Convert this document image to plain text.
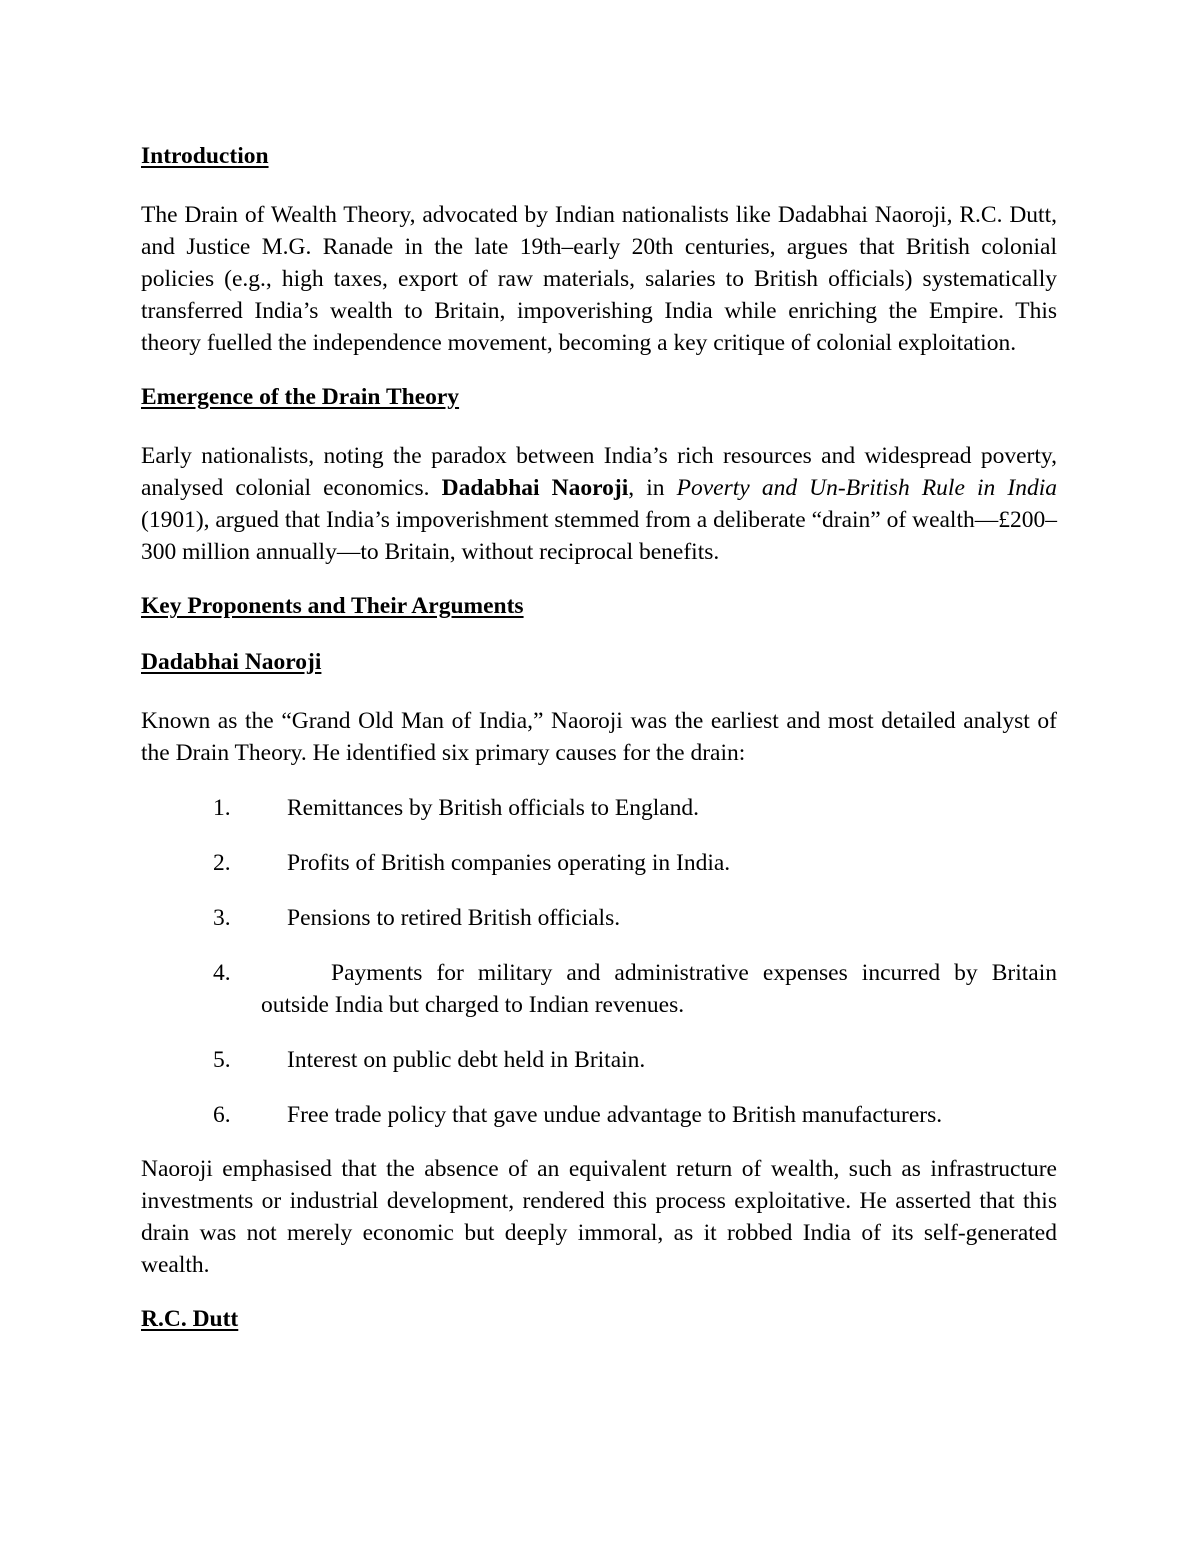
Introduction

The Drain of Wealth Theory, advocated by Indian nationalists like Dadabhai Naoroji, R.C. Dutt, and Justice M.G. Ranade in the late 19th–early 20th centuries, argues that British colonial policies (e.g., high taxes, export of raw materials, salaries to British officials) systematically transferred India’s wealth to Britain, impoverishing India while enriching the Empire. This theory fuelled the independence movement, becoming a key critique of colonial exploitation.

Emergence of the Drain Theory

Early nationalists, noting the paradox between India’s rich resources and widespread poverty, analysed colonial economics. Dadabhai Naoroji, in Poverty and Un-British Rule in India (1901), argued that India’s impoverishment stemmed from a deliberate “drain” of wealth—£200–300 million annually—to Britain, without reciprocal benefits.

Key Proponents and Their Arguments
Dadabhai Naoroji

Known as the “Grand Old Man of India,” Naoroji was the earliest and most detailed analyst of the Drain Theory. He identified six primary causes for the drain:

1.	Remittances by British officials to England.
2.	Profits of British companies operating in India.
3.	Pensions to retired British officials.
4.	Payments for military and administrative expenses incurred by Britain outside India but charged to Indian revenues.
5.	Interest on public debt held in Britain.
6.	Free trade policy that gave undue advantage to British manufacturers.

Naoroji emphasised that the absence of an equivalent return of wealth, such as infrastructure investments or industrial development, rendered this process exploitative. He asserted that this drain was not merely economic but deeply immoral, as it robbed India of its self-generated wealth.

R.C. Dutt
